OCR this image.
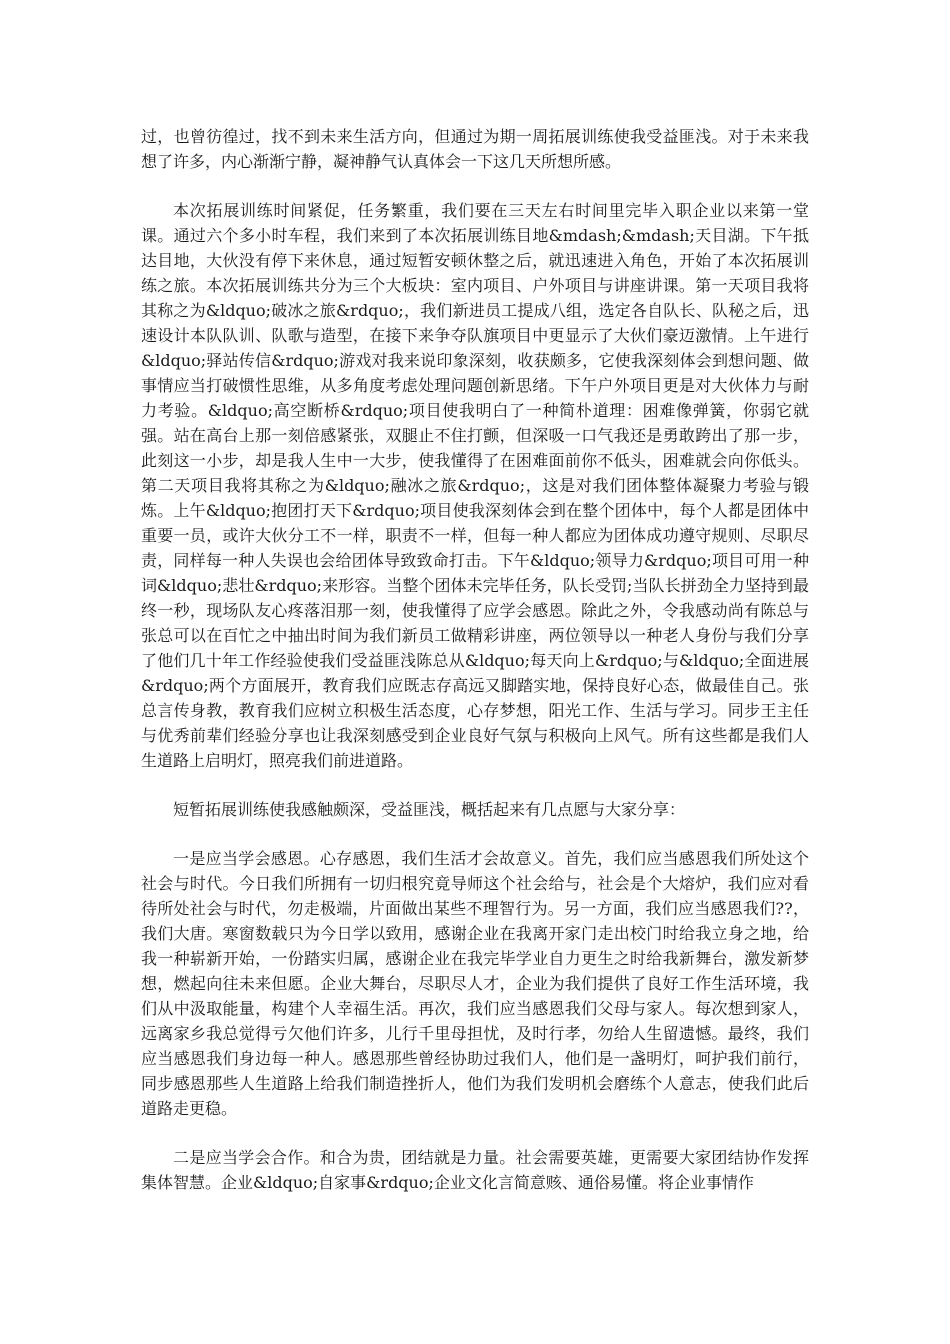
过，也曾彷徨过，找不到未来生活方向，但通过为期一周拓展训练使我受益匪浅。对于未来我想了许多，内心渐渐宁静，凝神静气认真体会一下这几天所想所感。

本次拓展训练时间紧促，任务繁重，我们要在三天左右时间里完毕入职企业以来第一堂课。通过六个多小时车程，我们来到了本次拓展训练目地&mdash;&mdash;天目湖。下午抵达目地，大伙没有停下来休息，通过短暂安顿休整之后，就迅速进入角色，开始了本次拓展训练之旅。本次拓展训练共分为三个大板块：室内项目、户外项目与讲座讲课。第一天项目我将其称之为&ldquo;破冰之旅&rdquo;，我们新进员工提成八组，选定各自队长、队秘之后，迅速设计本队队训、队歌与造型，在接下来争夺队旗项目中更显示了大伙们豪迈激情。上午进行&ldquo;驿站传信&rdquo;游戏对我来说印象深刻，收获颇多，它使我深刻体会到想问题、做事情应当打破惯性思维，从多角度考虑处理问题创新思绪。下午户外项目更是对大伙体力与耐力考验。&ldquo;高空断桥&rdquo;项目使我明白了一种简朴道理：困难像弹簧，你弱它就强。站在高台上那一刻倍感紧张，双腿止不住打颤，但深吸一口气我还是勇敢跨出了那一步，此刻这一小步，却是我人生中一大步，使我懂得了在困难面前你不低头，困难就会向你低头。第二天项目我将其称之为&ldquo;融冰之旅&rdquo;，这是对我们团体整体凝聚力考验与锻炼。上午&ldquo;抱团打天下&rdquo;项目使我深刻体会到在整个团体中，每个人都是团体中重要一员，或许大伙分工不一样，职责不一样，但每一种人都应为团体成功遵守规则、尽职尽责，同样每一种人失误也会给团体导致致命打击。下午&ldquo;领导力&rdquo;项目可用一种词&ldquo;悲壮&rdquo;来形容。当整个团体未完毕任务，队长受罚;当队长拼劲全力坚持到最终一秒，现场队友心疼落泪那一刻，使我懂得了应学会感恩。除此之外，令我感动尚有陈总与张总可以在百忙之中抽出时间为我们新员工做精彩讲座，两位领导以一种老人身份与我们分享了他们几十年工作经验使我们受益匪浅陈总从&ldquo;每天向上&rdquo;与&ldquo;全面进展&rdquo;两个方面展开，教育我们应既志存高远又脚踏实地，保持良好心态，做最佳自己。张总言传身教，教育我们应树立积极生活态度，心存梦想，阳光工作、生活与学习。同步王主任与优秀前辈们经验分享也让我深刻感受到企业良好气氛与积极向上风气。所有这些都是我们人生道路上启明灯，照亮我们前进道路。

短暂拓展训练使我感触颇深，受益匪浅，概括起来有几点愿与大家分享：

一是应当学会感恩。心存感恩，我们生活才会故意义。首先，我们应当感恩我们所处这个社会与时代。今日我们所拥有一切归根究竟导师这个社会给与，社会是个大熔炉，我们应对看待所处社会与时代，勿走极端，片面做出某些不理智行为。另一方面，我们应当感恩我们??，我们大唐。寒窗数载只为今日学以致用，感谢企业在我离开家门走出校门时给我立身之地，给我一种崭新开始，一份踏实归属，感谢企业在我完毕学业自力更生之时给我新舞台，激发新梦想，燃起向往未来但愿。企业大舞台，尽职尽人才，企业为我们提供了良好工作生活环境，我们从中汲取能量，构建个人幸福生活。再次，我们应当感恩我们父母与家人。每次想到家人，远离家乡我总觉得亏欠他们许多，儿行千里母担忧，及时行孝，勿给人生留遗憾。最终，我们应当感恩我们身边每一种人。感恩那些曾经协助过我们人，他们是一盏明灯，呵护我们前行，同步感恩那些人生道路上给我们制造挫折人，他们为我们发明机会磨练个人意志，使我们此后道路走更稳。

二是应当学会合作。和合为贵，团结就是力量。社会需要英雄，更需要大家团结协作发挥集体智慧。企业&ldquo;自家事&rdquo;企业文化言简意赅、通俗易懂。将企业事情作
